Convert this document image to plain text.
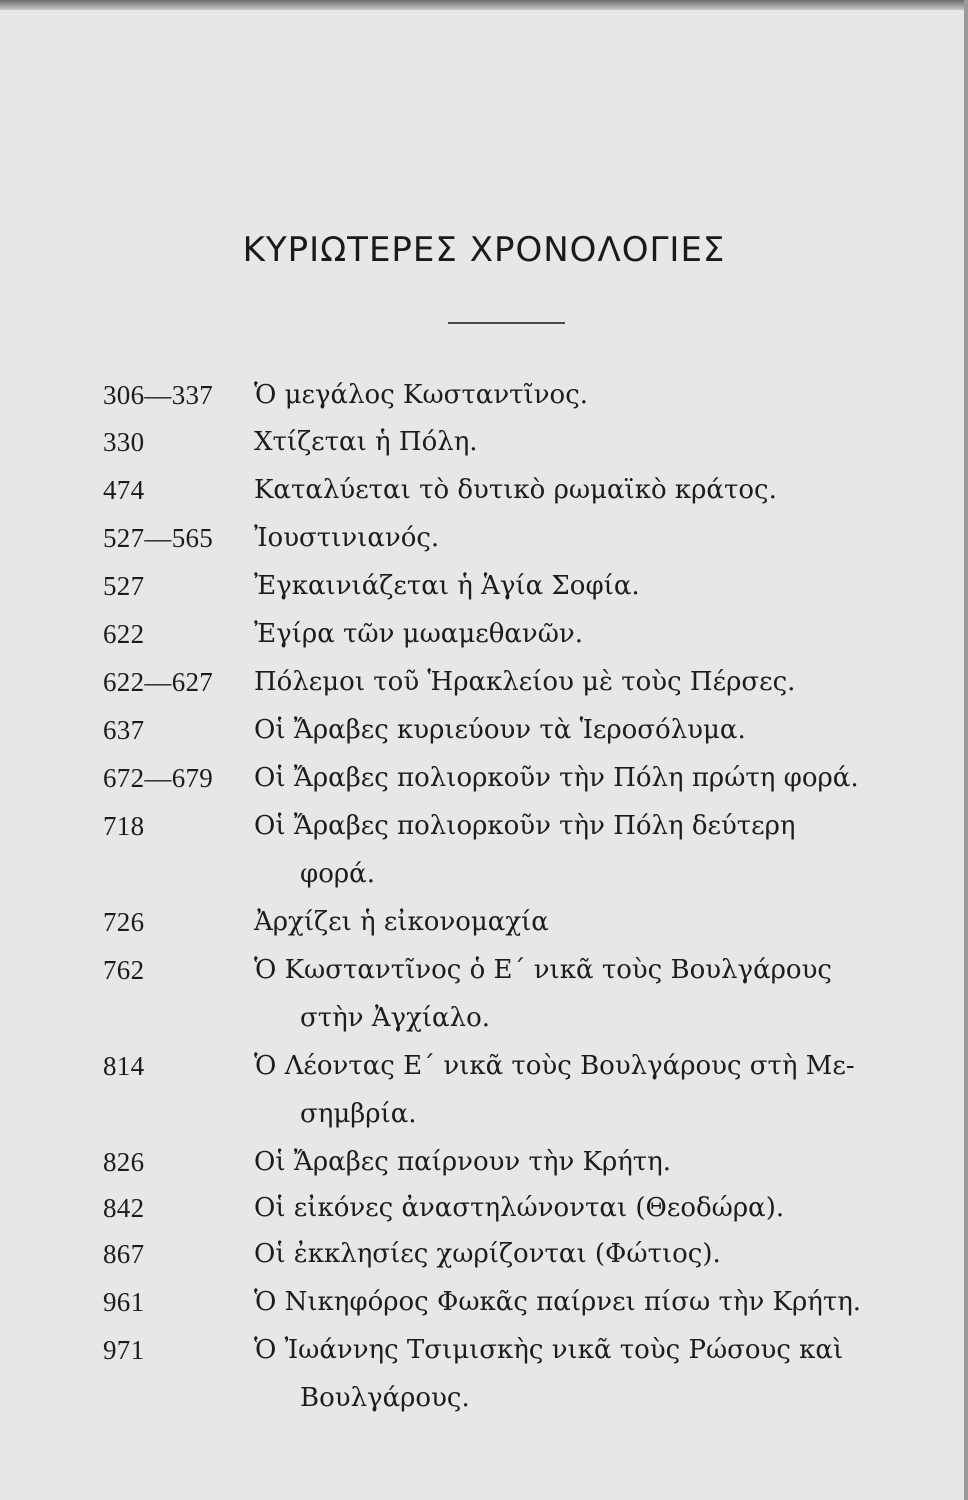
ΚΥΡΙΩΤΕΡΕΣ ΧΡΟΝΟΛΟΓΙΕΣ
306—337 Ὁ μεγάλος Κωσταντῖνος.
330	Χτίζεται ἡ Πόλη.
474	Καταλύεται τὸ δυτικὸ ρωμαϊκὸ κράτος.
527—565 Ἰουστινιανός.
527	Ἐγκαινιάζεται ἡ Ἁγία Σοφία.
622	Ἐγίρα τῶν μωαμεθανῶν.
622—627 Πόλεμοι τοῦ Ἡρακλείου μὲ τοὺς Πέρσες.
637	Οἱ Ἄραβες κυριεύουν τὰ Ἱεροσόλυμα.
672—679 Οἱ Ἄραβες πολιορκοῦν τὴν Πόλη πρώτη φορά.
718	Οἱ Ἄραβες πολιορκοῦν τὴν Πόλη δεύτερη
φορά.
726	Ἀρχίζει ἡ εἰκονομαχία
762	Ὁ Κωσταντῖνος ὁ Ε΄ νικᾶ τοὺς Βουλγάρους
στὴν Ἀγχίαλο.
814	Ὁ Λέοντας Ε΄ νικᾶ τοὺς Βουλγάρους στὴ Με-
σημβρία.
826	Οἱ Ἄραβες παίρνουν τὴν Κρήτη.
842	Οἱ εἰκόνες ἀναστηλώνονται (Θεοδώρα).
867	Οἱ ἐκκλησίες χωρίζονται (Φώτιος).
961	Ὁ Νικηφόρος Φωκᾶς παίρνει πίσω τὴν Κρήτη.
971	Ὁ Ἰωάννης Τσιμισκὴς νικᾶ τοὺς Ρώσους καὶ
Βουλγάρους.
